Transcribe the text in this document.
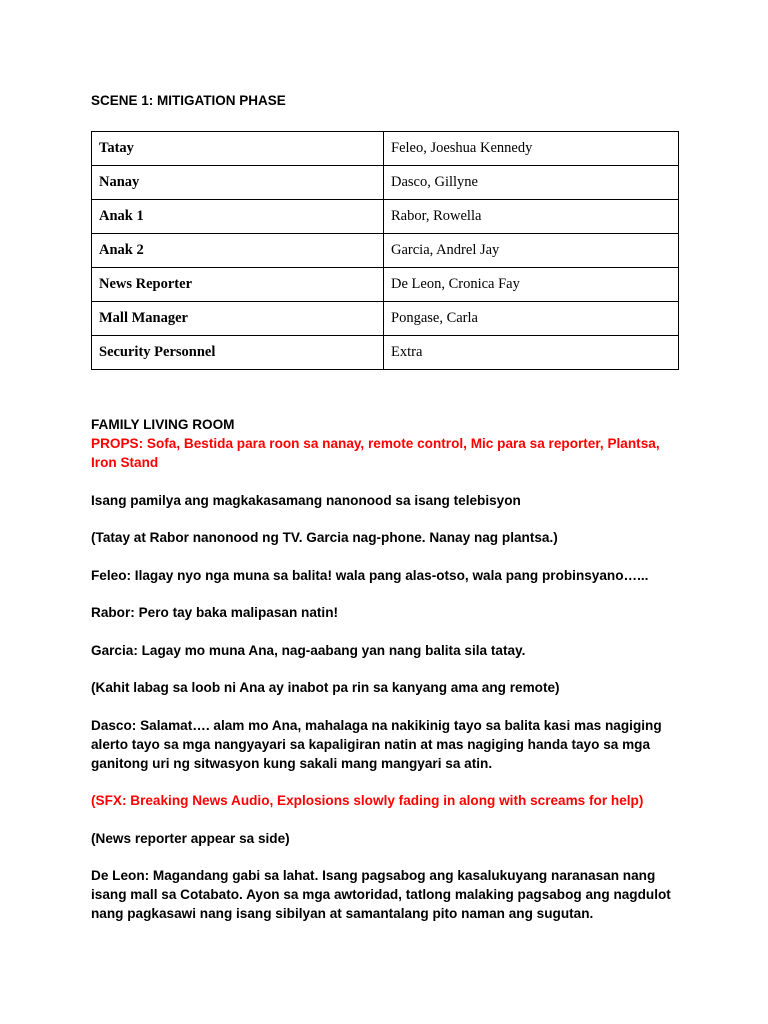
SCENE 1: MITIGATION PHASE
Tatay	Feleo, Joeshua Kennedy
Nanay	Dasco, Gillyne
Anak 1	Rabor, Rowella
Anak 2	Garcia, Andrel Jay
News Reporter	De Leon, Cronica Fay
Mall Manager	Pongase, Carla
Security Personnel	Extra

FAMILY LIVING ROOM

PROPS: Sofa, Bestida para roon sa nanay, remote control, Mic para sa reporter, Plantsa, Iron Stand

Isang pamilya ang magkakasamang nanonood sa isang telebisyon

(Tatay at Rabor nanonood ng TV. Garcia nag-phone. Nanay nag plantsa.)

Feleo: Ilagay nyo nga muna sa balita! wala pang alas-otso, wala pang probinsyano…...

Rabor: Pero tay baka malipasan natin!

Garcia: Lagay mo muna Ana, nag-aabang yan nang balita sila tatay.

(Kahit labag sa loob ni Ana ay inabot pa rin sa kanyang ama ang remote)

Dasco: Salamat…. alam mo Ana, mahalaga na nakikinig tayo sa balita kasi mas nagiging alerto tayo sa mga nangyayari sa kapaligiran natin at mas nagiging handa tayo sa mga ganitong uri ng sitwasyon kung sakali mang mangyari sa atin.

(SFX: Breaking News Audio, Explosions slowly fading in along with screams for help)

(News reporter appear sa side)

De Leon: Magandang gabi sa lahat. Isang pagsabog ang kasalukuyang naranasan nang isang mall sa Cotabato. Ayon sa mga awtoridad, tatlong malaking pagsabog ang nagdulot nang pagkasawi nang isang sibilyan at samantalang pito naman ang sugutan.
